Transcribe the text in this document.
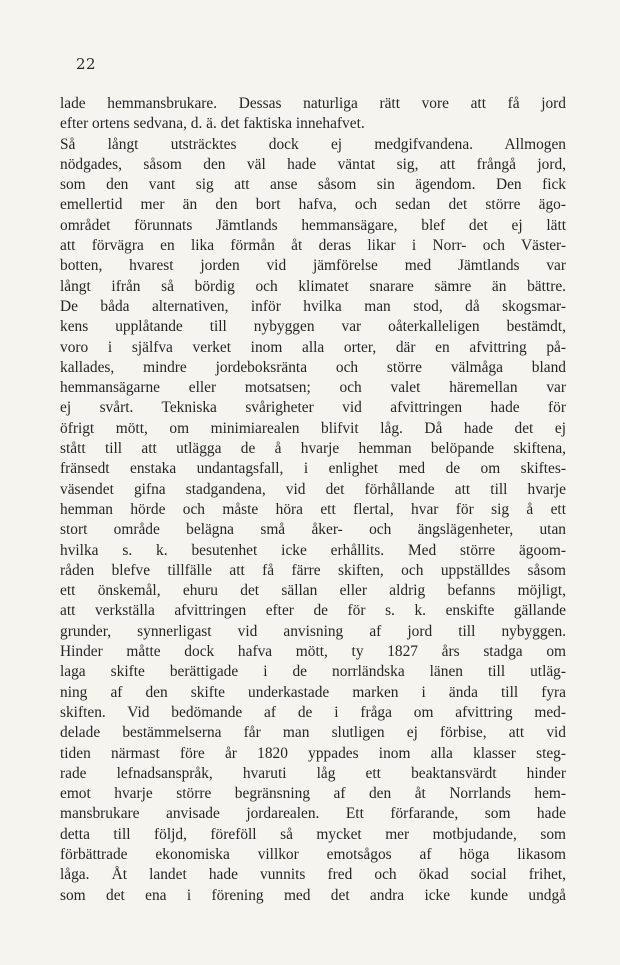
22
lade hemmansbrukare. Dessas naturliga rätt vore att få jord
efter ortens sedvana, d. ä. det faktiska innehafvet.
Så långt utsträcktes dock ej medgifvandena. Allmogen
nödgades, såsom den väl hade väntat sig, att frångå jord,
som den vant sig att anse såsom sin ägendom. Den fick
emellertid mer än den bort hafva, och sedan det större ägo-
området förunnats Jämtlands hemmansägare, blef det ej lätt
att förvägra en lika förmån åt deras likar i Norr- och Väster-
botten, hvarest jorden vid jämförelse med Jämtlands var
långt ifrån så bördig och klimatet snarare sämre än bättre.
De båda alternativen, inför hvilka man stod, då skogsmar-
kens upplåtande till nybyggen var oåterkalleligen bestämdt,
voro i själfva verket inom alla orter, där en afvittring på-
kallades, mindre jordeboksränta och större välmåga bland
hemmansägarne eller motsatsen; och valet häremellan var
ej svårt. Tekniska svårigheter vid afvittringen hade för
öfrigt mött, om minimiarealen blifvit låg. Då hade det ej
stått till att utlägga de å hvarje hemman belöpande skiftena,
fränsedt enstaka undantagsfall, i enlighet med de om skiftes-
väsendet gifna stadgandena, vid det förhållande att till hvarje
hemman hörde och måste höra ett flertal, hvar för sig å ett
stort område belägna små åker- och ängslägenheter, utan
hvilka s. k. besutenhet icke erhållits. Med större ägoom-
råden blefve tillfälle att få färre skiften, och uppställdes såsom
ett önskemål, ehuru det sällan eller aldrig befanns möjligt,
att verkställa afvittringen efter de för s. k. enskifte gällande
grunder, synnerligast vid anvisning af jord till nybyggen.
Hinder måtte dock hafva mött, ty 1827 års stadga om
laga skifte berättigade i de norrländska länen till utläg-
ning af den skifte underkastade marken i ända till fyra
skiften. Vid bedömande af de i fråga om afvittring med-
delade bestämmelserna får man slutligen ej förbise, att vid
tiden närmast före år 1820 yppades inom alla klasser steg-
rade lefnadsanspråk, hvaruti låg ett beaktansvärdt hinder
emot hvarje större begränsning af den åt Norrlands hem-
mansbrukare anvisade jordarealen. Ett förfarande, som hade
detta till följd, föreföll så mycket mer motbjudande, som
förbättrade ekonomiska villkor emotsågos af höga likasom
låga. Åt landet hade vunnits fred och ökad social frihet,
som det ena i förening med det andra icke kunde undgå
